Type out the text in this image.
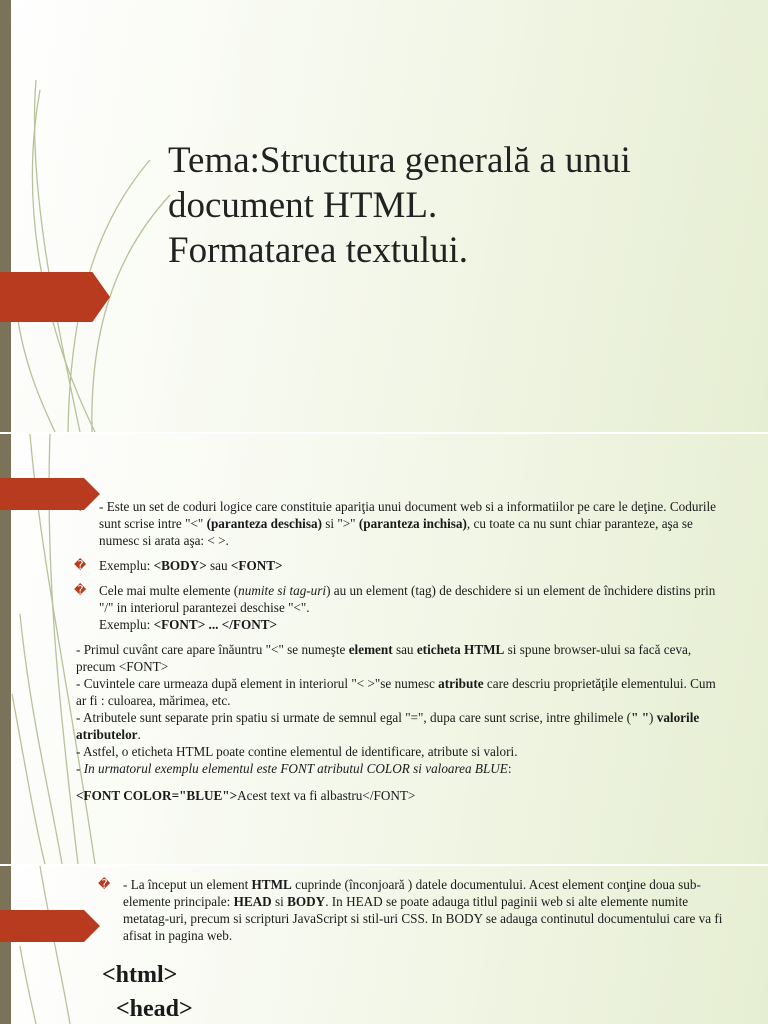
Tema:Structura generală a unui
document HTML.
Formatarea textului.
� - Este un set de coduri logice care constituie apariţia unui document web si a informatiilor pe care le deţine. Codurile sunt scrise intre "<" (paranteza deschisa) si ">" (paranteza inchisa), cu toate ca nu sunt chiar paranteze, aşa se numesc si arata aşa: < >.
� Exemplu: <BODY> sau <FONT>
� Cele mai multe elemente (numite si tag-uri) au un element (tag) de deschidere si un element de închidere distins prin "/" in interiorul parantezei deschise "<".
Exemplu: <FONT> ... </FONT>
- Primul cuvânt care apare înăuntru "<" se numeşte element sau eticheta HTML si spune browser-ului sa facă ceva, precum <FONT>
- Cuvintele care urmeaza după element in interiorul "< >"se numesc atribute care descriu proprietăţile elementului. Cum ar fi : culoarea, mărimea, etc.
- Atributele sunt separate prin spatiu si urmate de semnul egal "=", dupa care sunt scrise, intre ghilimele (" ") valorile atributelor.
- Astfel, o eticheta HTML poate contine elementul de identificare, atribute si valori.
- In urmatorul exemplu elementul este FONT atributul COLOR si valoarea BLUE:
<FONT COLOR="BLUE">Acest text va fi albastru</FONT>
� - La început un element HTML cuprinde (înconjoară ) datele documentului. Acest element conţine doua sub-elemente principale: HEAD si BODY. In HEAD se poate adauga titlul paginii web si alte elemente numite metatag-uri, precum si scripturi JavaScript si stil-uri CSS. In BODY se adauga continutul documentului care va fi afisat in pagina web.
<html>
<head>
